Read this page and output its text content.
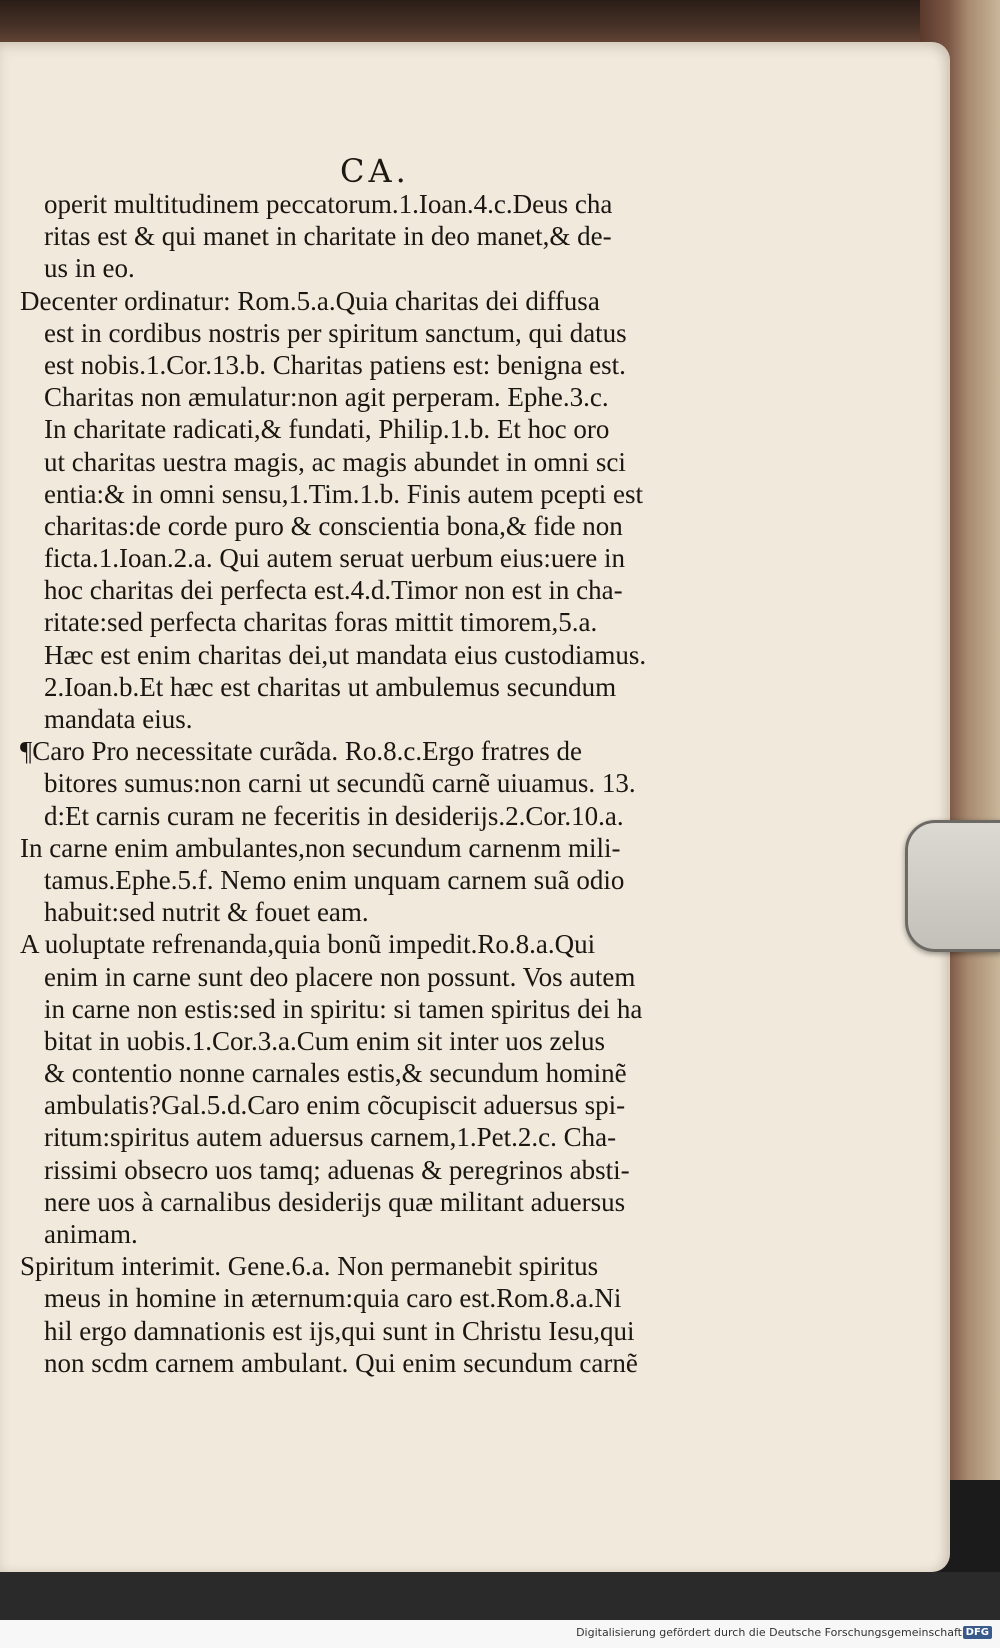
CA.
operit multitudinem peccatorum.1.Ioan.4.c.Deus cha
ritas est & qui manet in charitate in deo manet,& de-
us in eo.
Decenter ordinatur: Rom.5.a.Quia charitas dei diffusa
est in cordibus nostris per spiritum sanctum, qui datus
est nobis.1.Cor.13.b. Charitas patiens est: benigna est.
Charitas non æmulatur:non agit perperam. Ephe.3.c.
In charitate radicati,& fundati, Philip.1.b. Et hoc oro
ut charitas uestra magis, ac magis abundet in omni sci
entia:& in omni sensu,1.Tim.1.b. Finis autem pcepti est
charitas:de corde puro & conscientia bona,& fide non
ficta.1.Ioan.2.a. Qui autem seruat uerbum eius:uere in
hoc charitas dei perfecta est.4.d.Timor non est in cha-
ritate:sed perfecta charitas foras mittit timorem,5.a.
Hæc est enim charitas dei,ut mandata eius custodiamus.
2.Ioan.b.Et hæc est charitas ut ambulemus secundum
mandata eius.
¶Caro Pro necessitate curãda. Ro.8.c.Ergo fratres de
bitores sumus:non carni ut secundũ carnẽ uiuamus. 13.
d:Et carnis curam ne feceritis in desiderijs.2.Cor.10.a.
In carne enim ambulantes,non secundum carnenm mili-
tamus.Ephe.5.f. Nemo enim unquam carnem suã odio
habuit:sed nutrit & fouet eam.
A uoluptate refrenanda,quia bonũ impedit.Ro.8.a.Qui
enim in carne sunt deo placere non possunt. Vos autem
in carne non estis:sed in spiritu: si tamen spiritus dei ha
bitat in uobis.1.Cor.3.a.Cum enim sit inter uos zelus
& contentio nonne carnales estis,& secundum hominẽ
ambulatis?Gal.5.d.Caro enim cõcupiscit aduersus spi-
ritum:spiritus autem aduersus carnem,1.Pet.2.c. Cha-
rissimi obsecro uos tamq; aduenas & peregrinos absti-
nere uos à carnalibus desiderijs quæ militant aduersus
animam.
Spiritum interimit. Gene.6.a. Non permanebit spiritus
meus in homine in æternum:quia caro est.Rom.8.a.Ni
hil ergo damnationis est ijs,qui sunt in Christu Iesu,qui
non scdm carnem ambulant. Qui enim secundum carnẽ
Digitalisierung gefördert durch die Deutsche Forschungsgemeinschaft DFG
